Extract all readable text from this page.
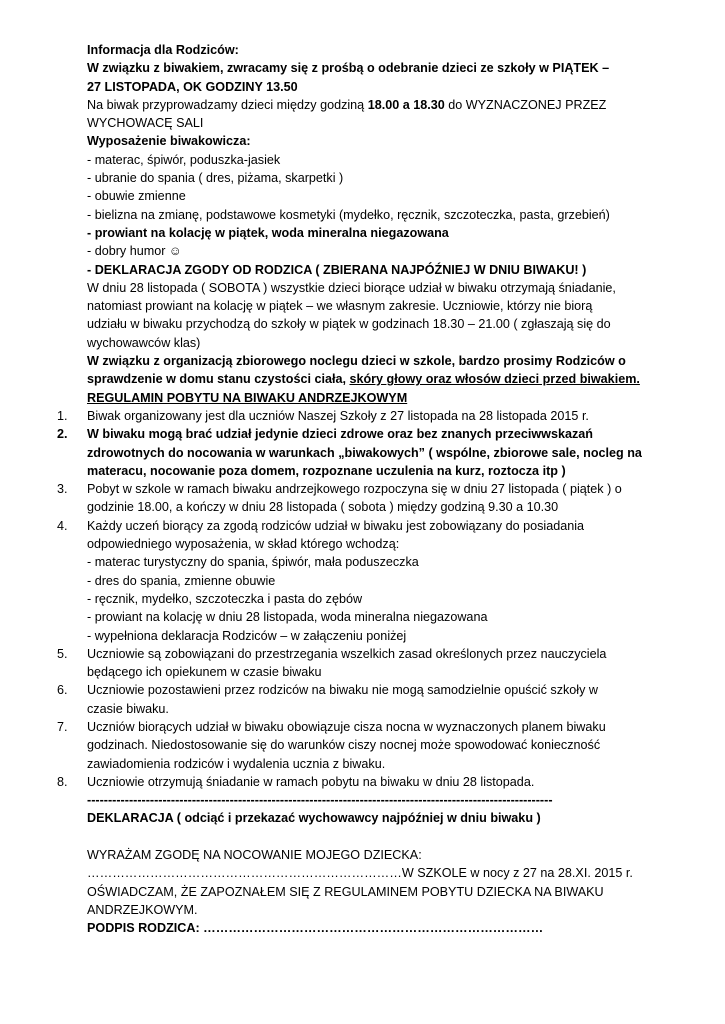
Informacja dla Rodziców:
W związku z biwakiem, zwracamy się z prośbą o odebranie dzieci ze szkoły w PIĄTEK –
27 LISTOPADA, OK GODZINY 13.50
Na biwak przyprowadzamy dzieci między godziną 18.00 a 18.30 do WYZNACZONEJ PRZEZ
WYCHOWACĘ SALI
Wyposażenie biwakowicza:
- materac, śpiwór, poduszka-jasiek
- ubranie do spania ( dres, piżama, skarpetki )
- obuwie zmienne
- bielizna na zmianę, podstawowe kosmetyki (mydełko, ręcznik, szczoteczka, pasta, grzebień)
- prowiant na kolację w piątek, woda mineralna niegazowana
- dobry humor ☺
- DEKLARACJA ZGODY OD RODZICA ( ZBIERANA NAJPÓŹNIEJ W DNIU BIWAKU! )
W dniu 28 listopada ( SOBOTA ) wszystkie dzieci biorące udział w biwaku otrzymają śniadanie,
natomiast prowiant na kolację w piątek – we własnym zakresie. Uczniowie, którzy nie biorą
udziału w biwaku przychodzą do szkoły w piątek w godzinach 18.30 – 21.00 ( zgłaszają się do
wychowawców klas)
W związku z organizacją zbiorowego noclegu dzieci w szkole, bardzo prosimy Rodziców o
sprawdzenie w domu stanu czystości ciała, skóry głowy oraz włosów dzieci przed biwakiem.
REGULAMIN POBYTU NA BIWAKU ANDRZEJKOWYM
1. Biwak organizowany jest dla uczniów Naszej Szkoły z 27 listopada na 28 listopada 2015 r.
2. W biwaku mogą brać udział jedynie dzieci zdrowe oraz bez znanych przeciwwskazań
zdrowotnych do nocowania w warunkach „biwakowych” ( wspólne, zbiorowe sale, nocleg na
materacu, nocowanie poza domem, rozpoznane uczulenia na kurz, roztocza itp )
3. Pobyt w szkole w ramach biwaku andrzejkowego rozpoczyna się w dniu 27 listopada ( piątek ) o
godzinie 18.00, a kończy w dniu 28 listopada ( sobota ) między godziną 9.30 a 10.30
4. Każdy uczeń biorący za zgodą rodziców udział w biwaku jest zobowiązany do posiadania
odpowiedniego wyposażenia, w skład którego wchodzą:
- materac turystyczny do spania, śpiwór, mała poduszeczka
- dres do spania, zmienne obuwie
- ręcznik, mydełko, szczoteczka i pasta do zębów
- prowiant na kolację w dniu 28 listopada, woda mineralna niegazowana
- wypełniona deklaracja Rodziców – w załączeniu poniżej
5. Uczniowie są zobowiązani do przestrzegania wszelkich zasad określonych przez nauczyciela
będącego ich opiekunem w czasie biwaku
6. Uczniowie pozostawieni przez rodziców na biwaku nie mogą samodzielnie opuścić szkoły w
czasie biwaku.
7. Uczniów biorących udział w biwaku obowiązuje cisza nocna w wyznaczonych planem biwaku
godzinach. Niedostosowanie się do warunków ciszy nocnej może spowodować konieczność
zawiadomienia rodziców i wydalenia ucznia z biwaku.
8. Uczniowie otrzymują śniadanie w ramach pobytu na biwaku w dniu 28 listopada.
---------------------------------------------------------------------------------------------------------------
DEKLARACJA ( odciąć i przekazać wychowawcy najpóźniej w dniu biwaku )
WYRAŻAM ZGODĘ NA NOCOWANIE MOJEGO DZIECKA:
…………………………………………………………………W SZKOLE w nocy z 27 na 28.XI. 2015 r.
OŚWIADCZAM, ŻE ZAPOZNAŁEM SIĘ Z REGULAMINEM POBYTU DZIECKA NA BIWAKU
ANDRZEJKOWYM.
PODPIS RODZICA: ………………………………………………………………………
